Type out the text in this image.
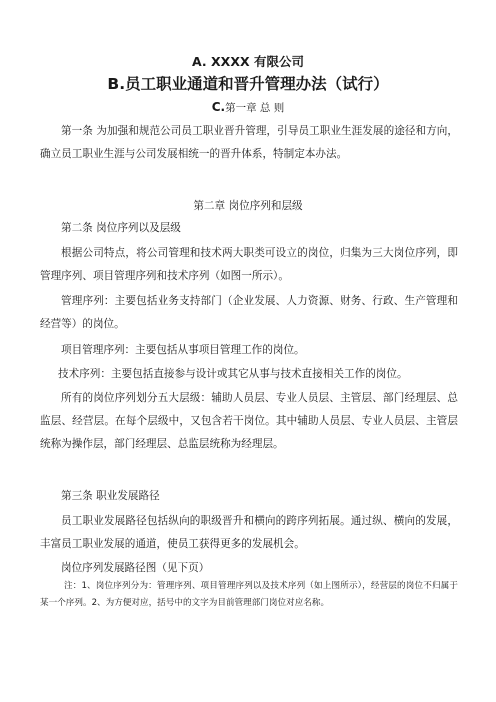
A. XXXX 有限公司
B.员工职业通道和晋升管理办法（试行）
C.第一章 总 则

第一条 为加强和规范公司员工职业晋升管理，引导员工职业生涯发展的途径和方向，确立员工职业生涯与公司发展相统一的晋升体系，特制定本办法。

第二章 岗位序列和层级

第二条 岗位序列以及层级

根据公司特点，将公司管理和技术两大职类可设立的岗位，归集为三大岗位序列，即管理序列、项目管理序列和技术序列（如图一所示）。

管理序列：主要包括业务支持部门（企业发展、人力资源、财务、行政、生产管理和经营等）的岗位。

项目管理序列：主要包括从事项目管理工作的岗位。

技术序列：主要包括直接参与设计或其它从事与技术直接相关工作的岗位。

所有的岗位序列划分五大层级：辅助人员层、专业人员层、主管层、部门经理层、总监层、经营层。在每个层级中，又包含若干岗位。其中辅助人员层、专业人员层、主管层统称为操作层，部门经理层、总监层统称为经理层。

第三条 职业发展路径

员工职业发展路径包括纵向的职级晋升和横向的跨序列拓展。通过纵、横向的发展，丰富员工职业发展的通道，使员工获得更多的发展机会。

岗位序列发展路径图（见下页）

注：1、岗位序列分为：管理序列、项目管理序列以及技术序列（如上图所示），经营层的岗位不归属于某一个序列。2、为方便对应，括号中的文字为目前管理部门岗位对应名称。
